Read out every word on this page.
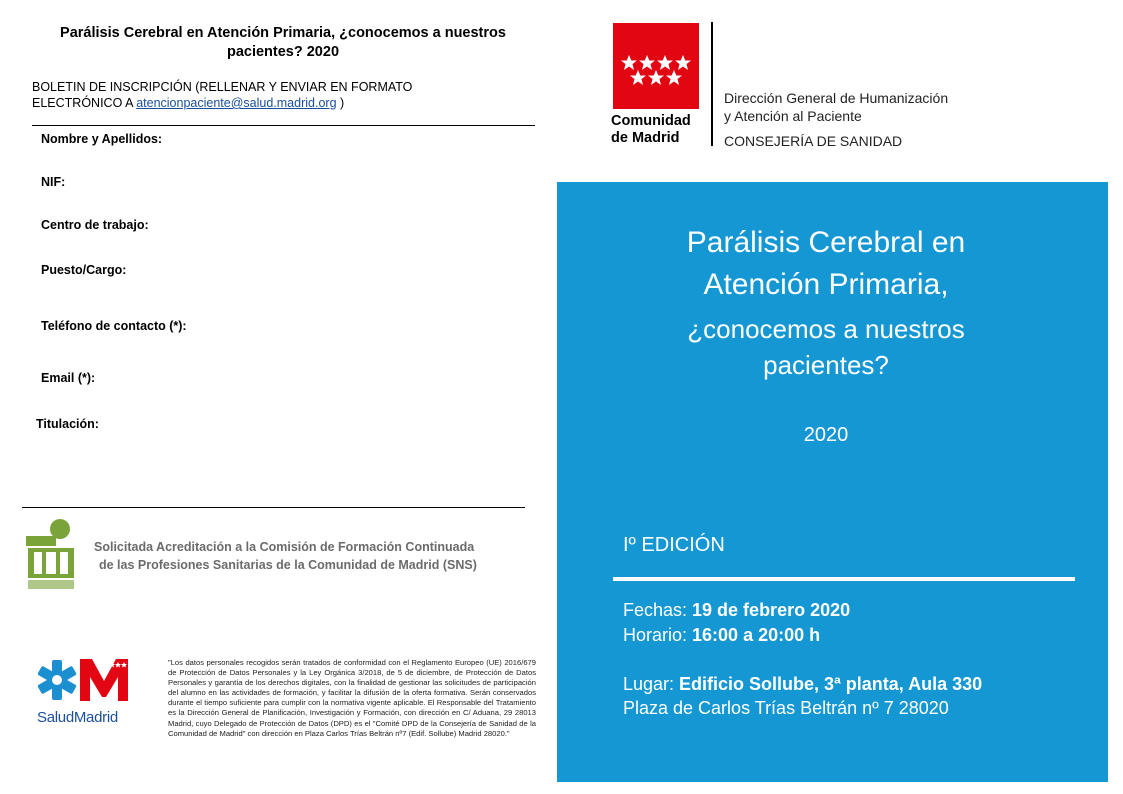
Parálisis Cerebral en Atención Primaria, ¿conocemos a nuestros
pacientes? 2020
BOLETIN DE INSCRIPCIÓN (RELLENAR Y ENVIAR EN FORMATO
ELECTRÓNICO A atencionpaciente@salud.madrid.org )
Nombre y Apellidos:
NIF:
Centro de trabajo:
Puesto/Cargo:
Teléfono de contacto (*):
Email (*):
Titulación:
Solicitada Acreditación a la Comisión de Formación Continuada
de las Profesiones Sanitarias de la Comunidad de Madrid (SNS)
SaludMadrid
"Los datos personales recogidos serán tratados de conformidad con el Reglamento Europeo (UE) 2016/679 de Protección de Datos Personales y la Ley Orgánica 3/2018, de 5 de diciembre, de Protección de Datos Personales y garantía de los derechos digitales, con la finalidad de gestionar las solicitudes de participación del alumno en las actividades de formación, y facilitar la difusión de la oferta formativa. Serán conservados durante el tiempo suficiente para cumplir con la normativa vigente aplicable. El Responsable del Tratamiento es la Dirección General de Planificación, Investigación y Formación, con dirección en C/ Aduana, 29 28013 Madrid, cuyo Delegado de Protección de Datos (DPD) es el "Comité DPD de la Consejería de Sanidad de la Comunidad de Madrid" con dirección en Plaza Carlos Trías Beltrán nº7 (Edif. Sollube) Madrid 28020."
Comunidad
de Madrid
Dirección General de Humanización
y Atención al Paciente
CONSEJERÍA DE SANIDAD
Parálisis Cerebral en
Atención Primaria,
¿conocemos a nuestros
pacientes?
2020
Iº EDICIÓN
Fechas: 19 de febrero 2020
Horario: 16:00 a 20:00 h
Lugar: Edificio Sollube, 3ª planta, Aula 330
Plaza de Carlos Trías Beltrán nº 7 28020
